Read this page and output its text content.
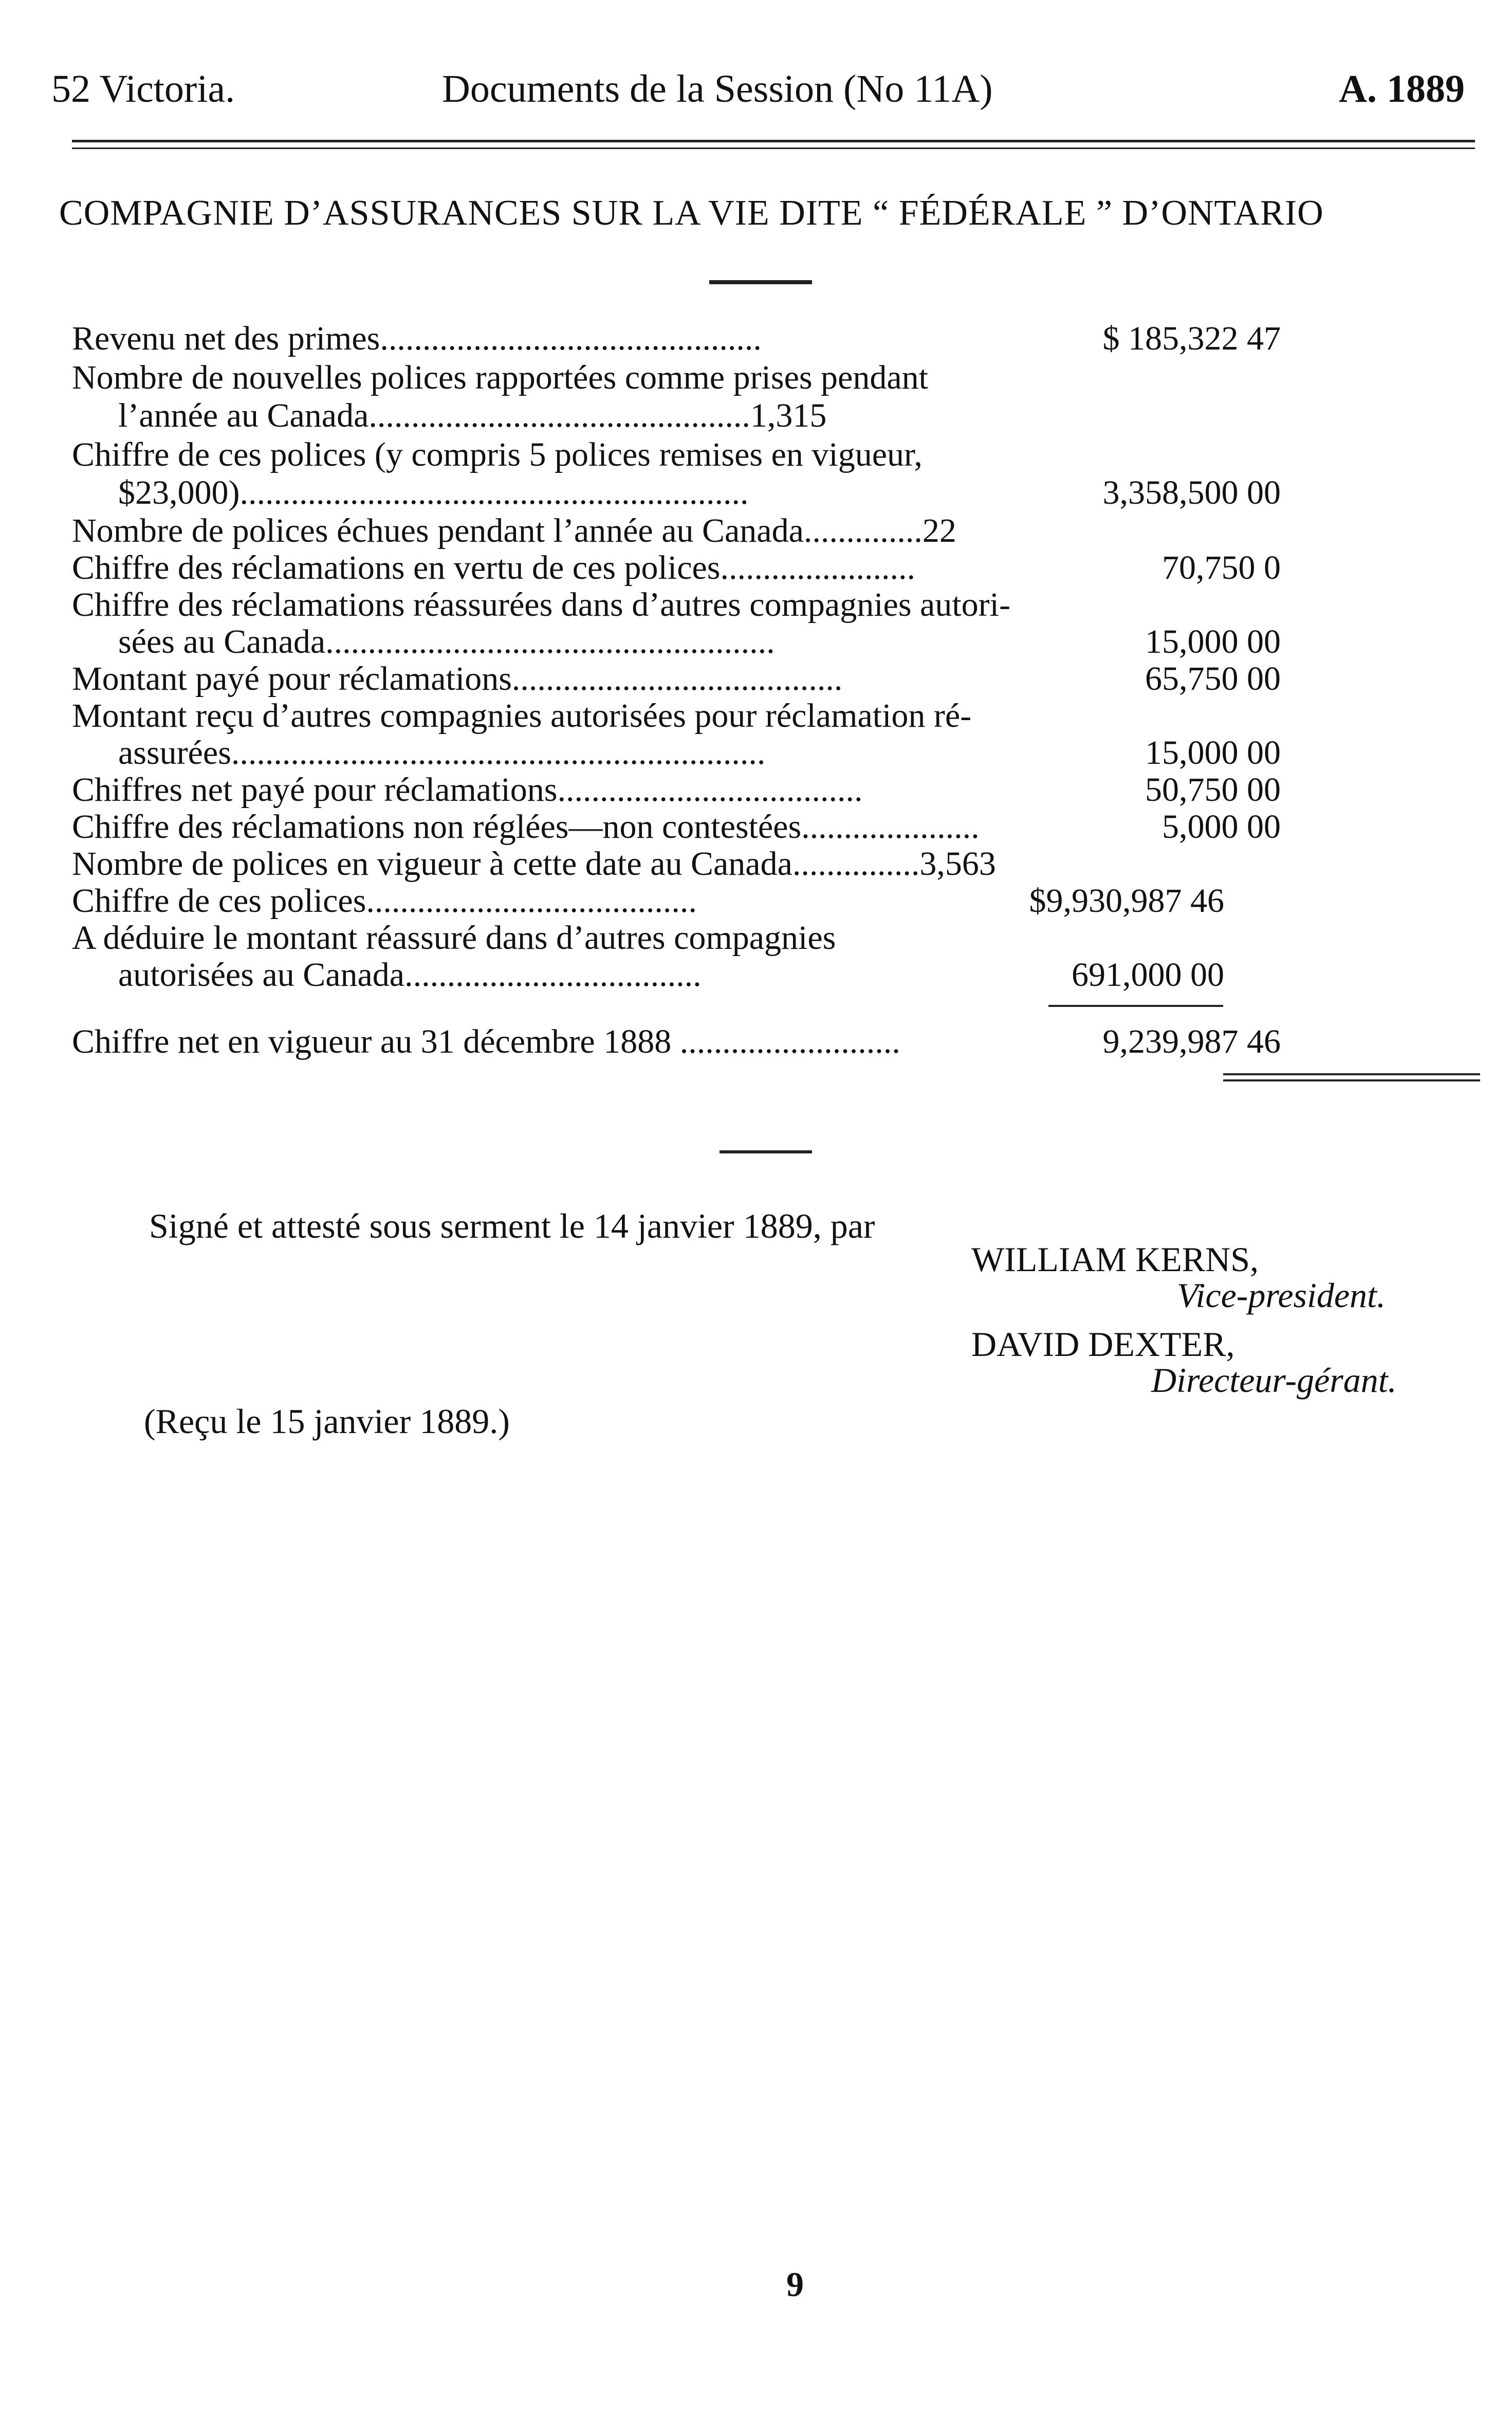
52 Victoria.	Documents de la Session (No 11A)	A. 1889
COMPAGNIE D’ASSURANCES SUR LA VIE DITE “ FÉDÉRALE ” D’ONTARIO
Revenu net des primes.............................................	$ 185,322 47
Nombre de nouvelles polices rapportées comme prises pendant
l’année au Canada.............................................1,315
Chiffre de ces polices (y compris 5 polices remises en vigueur,
$23,000)............................................................	3,358,500 00
Nombre de polices échues pendant l’année au Canada..............22
Chiffre des réclamations en vertu de ces polices.......................	70,750 0
Chiffre des réclamations réassurées dans d’autres compagnies autori-
sées au Canada.....................................................	15,000 00
Montant payé pour réclamations.......................................	65,750 00
Montant reçu d’autres compagnies autorisées pour réclamation ré-
assurées...............................................................	15,000 00
Chiffres net payé pour réclamations....................................	50,750 00
Chiffre des réclamations non réglées—non contestées.....................	5,000 00
Nombre de polices en vigueur à cette date au Canada...............3,563
Chiffre de ces polices.......................................	$9,930,987 46
A déduire le montant réassuré dans d’autres compagnies
autorisées au Canada...................................	691,000 00
Chiffre net en vigueur au 31 décembre 1888 ..........................	9,239,987 46
Signé et attesté sous serment le 14 janvier 1889, par
WILLIAM KERNS,
Vice-president.
DAVID DEXTER,
Directeur-gérant.
(Reçu le 15 janvier 1889.)
9
